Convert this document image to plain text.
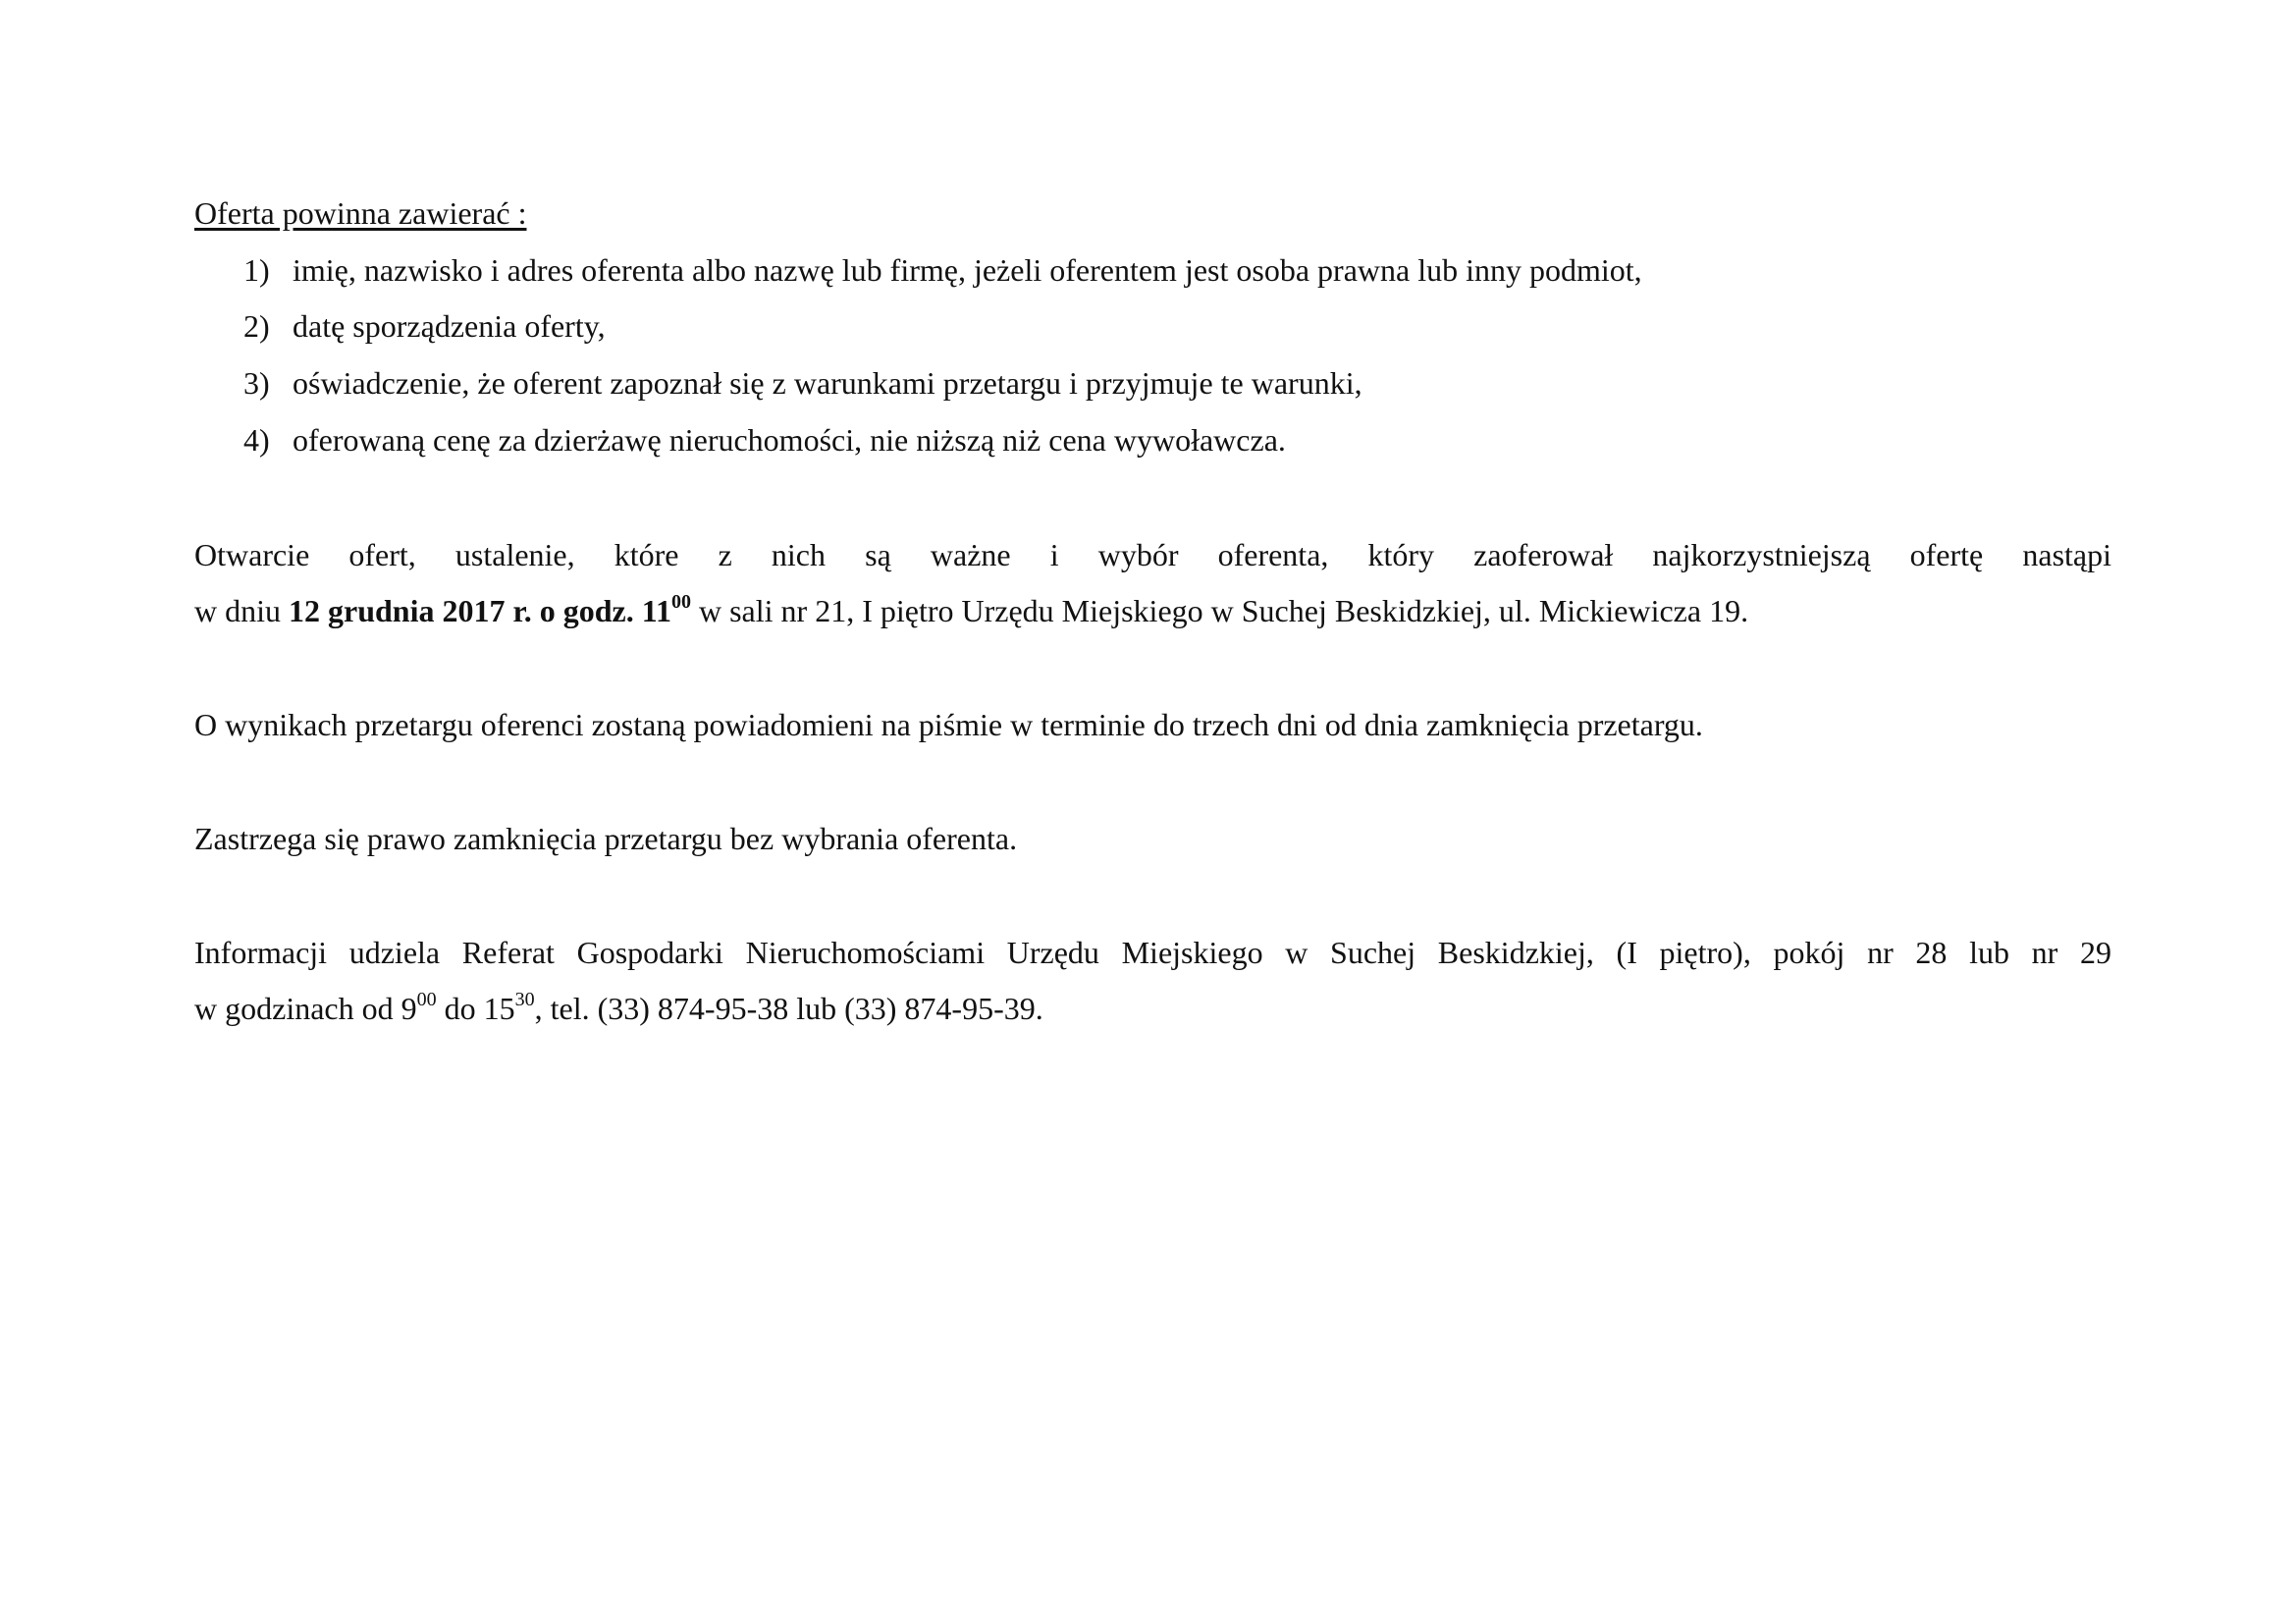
Oferta powinna zawierać :
1) imię, nazwisko i adres oferenta albo nazwę lub firmę, jeżeli oferentem jest osoba prawna lub inny podmiot,
2) datę sporządzenia oferty,
3) oświadczenie, że oferent zapoznał się z warunkami przetargu i przyjmuje te warunki,
4) oferowaną cenę za dzierżawę nieruchomości, nie niższą niż cena wywoławcza.
Otwarcie ofert, ustalenie, które z nich są ważne i wybór oferenta, który zaoferował najkorzystniejszą ofertę nastąpi
w dniu 12 grudnia 2017 r. o godz. $11^{00}$ w sali nr 21, I piętro Urzędu Miejskiego w Suchej Beskidzkiej, ul. Mickiewicza 19.
O wynikach przetargu oferenci zostaną powiadomieni na piśmie w terminie do trzech dni od dnia zamknięcia przetargu.
Zastrzega się prawo zamknięcia przetargu bez wybrania oferenta.
Informacji udziela Referat Gospodarki Nieruchomościami Urzędu Miejskiego w Suchej Beskidzkiej, (I piętro), pokój nr 28 lub nr 29
w godzinach od $9^{00}$ do $15^{30}$, tel. (33) 874-95-38 lub (33) 874-95-39.
